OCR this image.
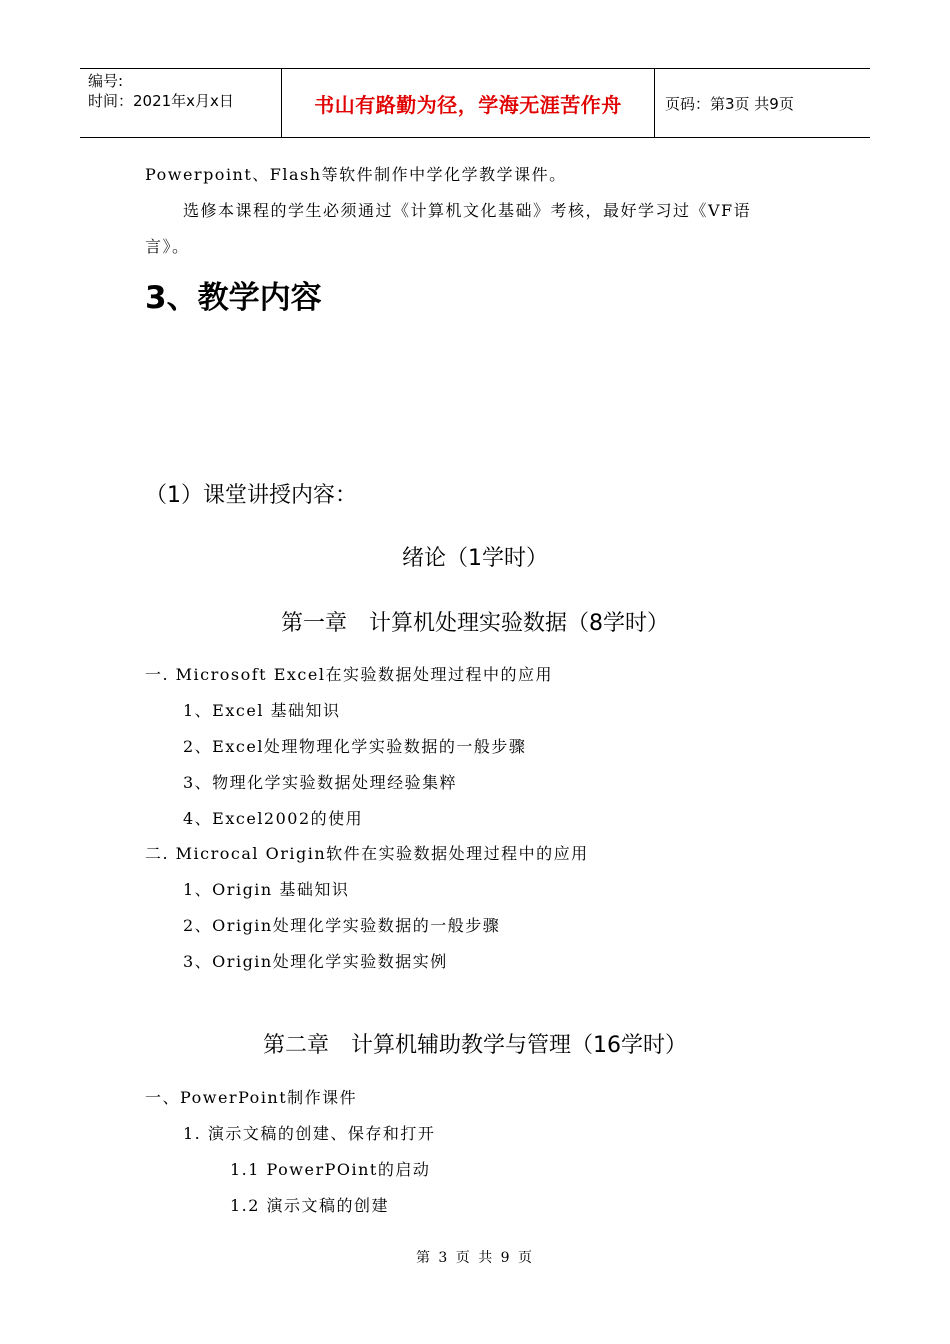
编号:
时间：2021年x月x日	书山有路勤为径，学海无涯苦作舟	页码：第3页 共9页
Powerpoint、Flash等软件制作中学化学教学课件。
选修本课程的学生必须通过《计算机文化基础》考核，最好学习过《VF语
言》。
3、教学内容
（1）课堂讲授内容：
绪论（1学时）
第一章　计算机处理实验数据（8学时）
一. Microsoft Excel在实验数据处理过程中的应用
1、Excel 基础知识
2、Excel处理物理化学实验数据的一般步骤
3、物理化学实验数据处理经验集粹
4、Excel2002的使用
二. Microcal Origin软件在实验数据处理过程中的应用
1、Origin 基础知识
2、Origin处理化学实验数据的一般步骤
3、Origin处理化学实验数据实例
第二章　计算机辅助教学与管理（16学时）
一、PowerPoint制作课件
1. 演示文稿的创建、保存和打开
1.1 PowerPOint的启动
1.2 演示文稿的创建
第 3 页 共 9 页
